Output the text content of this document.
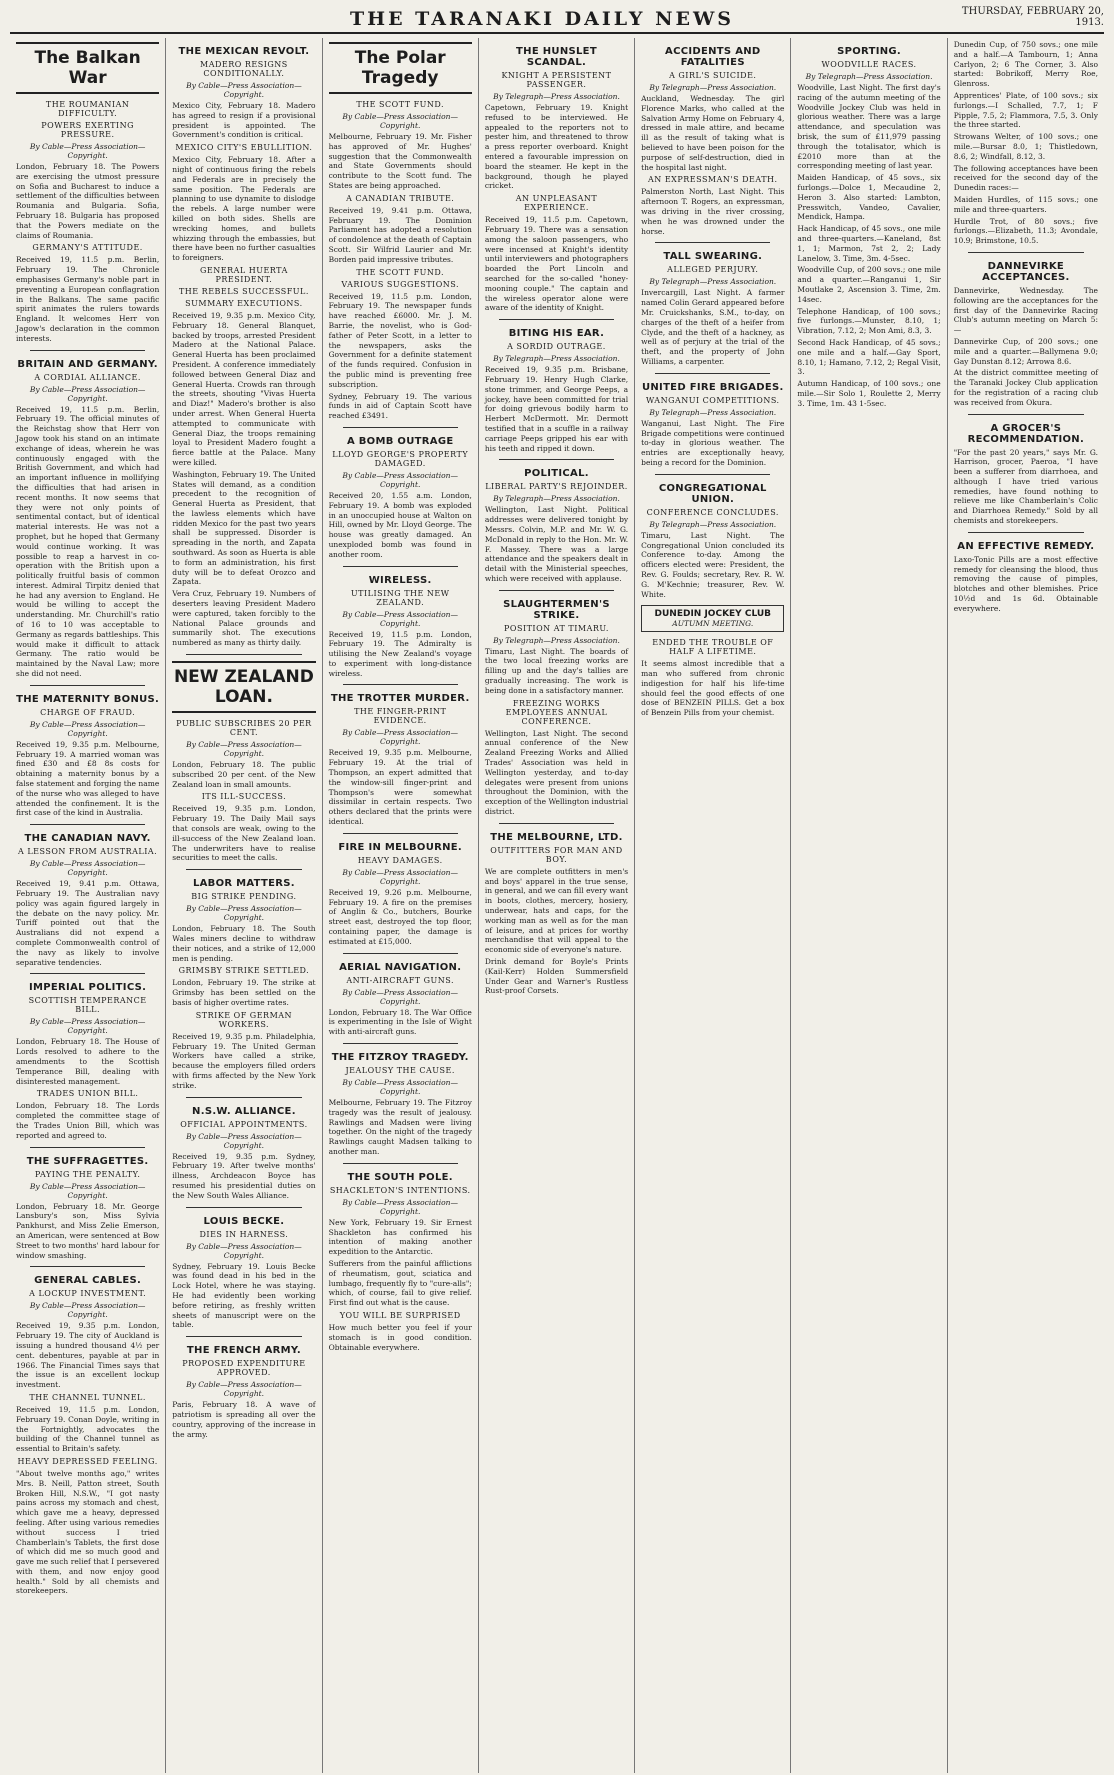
THE TARANAKI DAILY NEWS	THURSDAY, FEBRUARY 20, 1913.
The Balkan War
THE ROUMANIAN DIFFICULTY.
POWERS EXERTING PRESSURE.
By Cable—Press Association—Copyright.
London, February 18. The Powers are exercising the utmost pressure on Sofia and Bucharest to induce a settlement of the difficulties between Roumania and Bulgaria. Sofia, February 18. Bulgaria has proposed that the Powers mediate on the claims of Roumania.
GERMANY'S ATTITUDE.
Received 19, 11.5 p.m. Berlin, February 19. The Chronicle emphasises Germany's noble part in preventing a European conflagration in the Balkans. The same pacific spirit animates the rulers towards England. It welcomes Herr von Jagow's declaration in the common interests.
BRITAIN AND GERMANY.
A CORDIAL ALLIANCE.
By Cable—Press Association—Copyright.
Received 19, 11.5 p.m. Berlin, February 19. The official minutes of the Reichstag show that Herr von Jagow took his stand on an intimate exchange of ideas, wherein he was continuously engaged with the British Government, and which had an important influence in mollifying the difficulties that had arisen in recent months. It now seems that they were not only points of sentimental contact, but of identical material interests. He was not a prophet, but he hoped that Germany would continue working. It was possible to reap a harvest in co-operation with the British upon a politically fruitful basis of common interest. Admiral Tirpitz denied that he had any aversion to England. He would be willing to accept the understanding. Mr. Churchill's ratio of 16 to 10 was acceptable to Germany as regards battleships. This would make it difficult to attack Germany. The ratio would be maintained by the Naval Law; more she did not need.
THE MATERNITY BONUS.
CHARGE OF FRAUD.
By Cable—Press Association—Copyright.
Received 19, 9.35 p.m. Melbourne, February 19. A married woman was fined £30 and £8 8s costs for obtaining a maternity bonus by a false statement and forging the name of the nurse who was alleged to have attended the confinement. It is the first case of the kind in Australia.
THE CANADIAN NAVY.
A LESSON FROM AUSTRALIA.
By Cable—Press Association—Copyright.
Received 19, 9.41 p.m. Ottawa, February 19. The Australian navy policy was again figured largely in the debate on the navy policy. Mr. Turiff pointed out that the Australians did not expend a complete Commonwealth control of the navy as likely to involve separative tendencies.
IMPERIAL POLITICS.
SCOTTISH TEMPERANCE BILL.
By Cable—Press Association—Copyright.
London, February 18. The House of Lords resolved to adhere to the amendments to the Scottish Temperance Bill, dealing with disinterested management.
TRADES UNION BILL.
London, February 18. The Lords completed the committee stage of the Trades Union Bill, which was reported and agreed to.
THE SUFFRAGETTES.
PAYING THE PENALTY.
By Cable—Press Association—Copyright.
London, February 18. Mr. George Lansbury's son, Miss Sylvia Pankhurst, and Miss Zelie Emerson, an American, were sentenced at Bow Street to two months' hard labour for window smashing.
GENERAL CABLES.
A LOCKUP INVESTMENT.
By Cable—Press Association—Copyright.
Received 19, 9.35 p.m. London, February 19. The city of Auckland is issuing a hundred thousand 4½ per cent. debentures, payable at par in 1966. The Financial Times says that the issue is an excellent lockup investment.
THE CHANNEL TUNNEL.
Received 19, 11.5 p.m. London, February 19. Conan Doyle, writing in the Fortnightly, advocates the building of the Channel tunnel as essential to Britain's safety.
HEAVY DEPRESSED FEELING.
"About twelve months ago," writes Mrs. B. Neill, Patton street, South Broken Hill, N.S.W., "I got nasty pains across my stomach and chest, which gave me a heavy, depressed feeling. After using various remedies without success I tried Chamberlain's Tablets, the first dose of which did me so much good and gave me such relief that I persevered with them, and now enjoy good health." Sold by all chemists and storekeepers.
THE MEXICAN REVOLT.
MADERO RESIGNS CONDITIONALLY.
By Cable—Press Association—Copyright.
Mexico City, February 18. Madero has agreed to resign if a provisional president is appointed. The Government's condition is critical.
MEXICO CITY'S EBULLITION.
Mexico City, February 18. After a night of continuous firing the rebels and Federals are in precisely the same position. The Federals are planning to use dynamite to dislodge the rebels. A large number were killed on both sides. Shells are wrecking homes, and bullets whizzing through the embassies, but there have been no further casualties to foreigners.
GENERAL HUERTA PRESIDENT.
THE REBELS SUCCESSFUL.
SUMMARY EXECUTIONS.
Received 19, 9.35 p.m. Mexico City, February 18. General Blanquet, backed by troops, arrested President Madero at the National Palace. General Huerta has been proclaimed President. A conference immediately followed between General Diaz and General Huerta. Crowds ran through the streets, shouting "Vivas Huerta and Diaz!" Madero's brother is also under arrest. When General Huerta attempted to communicate with General Diaz, the troops remaining loyal to President Madero fought a fierce battle at the Palace. Many were killed.
Washington, February 19. The United States will demand, as a condition precedent to the recognition of General Huerta as President, that the lawless elements which have ridden Mexico for the past two years shall be suppressed. Disorder is spreading in the north, and Zapata southward. As soon as Huerta is able to form an administration, his first duty will be to defeat Orozco and Zapata.
Vera Cruz, February 19. Numbers of deserters leaving President Madero were captured, taken forcibly to the National Palace grounds and summarily shot. The executions numbered as many as thirty daily.
NEW ZEALAND LOAN.
PUBLIC SUBSCRIBES 20 PER CENT.
By Cable—Press Association—Copyright.
London, February 18. The public subscribed 20 per cent. of the New Zealand loan in small amounts.
ITS ILL-SUCCESS.
Received 19, 9.35 p.m. London, February 19. The Daily Mail says that consols are weak, owing to the ill-success of the New Zealand loan. The underwriters have to realise securities to meet the calls.
LABOR MATTERS.
BIG STRIKE PENDING.
By Cable—Press Association—Copyright.
London, February 18. The South Wales miners decline to withdraw their notices, and a strike of 12,000 men is pending.
GRIMSBY STRIKE SETTLED.
London, February 19. The strike at Grimsby has been settled on the basis of higher overtime rates.
STRIKE OF GERMAN WORKERS.
Received 19, 9.35 p.m. Philadelphia, February 19. The United German Workers have called a strike, because the employers filled orders with firms affected by the New York strike.
N.S.W. ALLIANCE.
OFFICIAL APPOINTMENTS.
By Cable—Press Association—Copyright.
Received 19, 9.35 p.m. Sydney, February 19. After twelve months' illness, Archdeacon Boyce has resumed his presidential duties on the New South Wales Alliance.
LOUIS BECKE.
DIES IN HARNESS.
By Cable—Press Association—Copyright.
Sydney, February 19. Louis Becke was found dead in his bed in the Lock Hotel, where he was staying. He had evidently been working before retiring, as freshly written sheets of manuscript were on the table.
THE FRENCH ARMY.
PROPOSED EXPENDITURE APPROVED.
By Cable—Press Association—Copyright.
Paris, February 18. A wave of patriotism is spreading all over the country, approving of the increase in the army.
The Polar Tragedy
THE SCOTT FUND.
By Cable—Press Association—Copyright.
Melbourne, February 19. Mr. Fisher has approved of Mr. Hughes' suggestion that the Commonwealth and State Governments should contribute to the Scott fund. The States are being approached.
A CANADIAN TRIBUTE.
Received 19, 9.41 p.m. Ottawa, February 19. The Dominion Parliament has adopted a resolution of condolence at the death of Captain Scott. Sir Wilfrid Laurier and Mr. Borden paid impressive tributes.
THE SCOTT FUND.
VARIOUS SUGGESTIONS.
Received 19, 11.5 p.m. London, February 19. The newspaper funds have reached £6000. Mr. J. M. Barrie, the novelist, who is God-father of Peter Scott, in a letter to the newspapers, asks the Government for a definite statement of the funds required. Confusion in the public mind is preventing free subscription.
Sydney, February 19. The various funds in aid of Captain Scott have reached £3491.
A BOMB OUTRAGE
LLOYD GEORGE'S PROPERTY DAMAGED.
By Cable—Press Association—Copyright.
Received 20, 1.55 a.m. London, February 19. A bomb was exploded in an unoccupied house at Walton on Hill, owned by Mr. Lloyd George. The house was greatly damaged. An unexploded bomb was found in another room.
WIRELESS.
UTILISING THE NEW ZEALAND.
By Cable—Press Association—Copyright.
Received 19, 11.5 p.m. London, February 19. The Admiralty is utilising the New Zealand's voyage to experiment with long-distance wireless.
THE TROTTER MURDER.
THE FINGER-PRINT EVIDENCE.
By Cable—Press Association—Copyright.
Received 19, 9.35 p.m. Melbourne, February 19. At the trial of Thompson, an expert admitted that the window-sill finger-print and Thompson's were somewhat dissimilar in certain respects. Two others declared that the prints were identical.
FIRE IN MELBOURNE.
HEAVY DAMAGES.
By Cable—Press Association—Copyright.
Received 19, 9.26 p.m. Melbourne, February 19. A fire on the premises of Anglin & Co., butchers, Bourke street east, destroyed the top floor, containing paper, the damage is estimated at £15,000.
AERIAL NAVIGATION.
ANTI-AIRCRAFT GUNS.
By Cable—Press Association—Copyright.
London, February 18. The War Office is experimenting in the Isle of Wight with anti-aircraft guns.
THE FITZROY TRAGEDY.
JEALOUSY THE CAUSE.
By Cable—Press Association—Copyright.
Melbourne, February 19. The Fitzroy tragedy was the result of jealousy. Rawlings and Madsen were living together. On the night of the tragedy Rawlings caught Madsen talking to another man.
THE SOUTH POLE.
SHACKLETON'S INTENTIONS.
By Cable—Press Association—Copyright.
New York, February 19. Sir Ernest Shackleton has confirmed his intention of making another expedition to the Antarctic.
Sufferers from the painful afflictions of rheumatism, gout, sciatica and lumbago, frequently fly to "cure-alls"; which, of course, fail to give relief. First find out what is the cause.
YOU WILL BE SURPRISED
How much better you feel if your stomach is in good condition. Obtainable everywhere.
THE HUNSLET SCANDAL.
KNIGHT A PERSISTENT PASSENGER.
By Telegraph—Press Association.
Capetown, February 19. Knight refused to be interviewed. He appealed to the reporters not to pester him, and threatened to throw a press reporter overboard. Knight entered a favourable impression on board the steamer. He kept in the background, though he played cricket.
AN UNPLEASANT EXPERIENCE.
Received 19, 11.5 p.m. Capetown, February 19. There was a sensation among the saloon passengers, who were incensed at Knight's identity until interviewers and photographers boarded the Port Lincoln and searched for the so-called "honey-mooning couple." The captain and the wireless operator alone were aware of the identity of Knight.
BITING HIS EAR.
A SORDID OUTRAGE.
By Telegraph—Press Association.
Received 19, 9.35 p.m. Brisbane, February 19. Henry Hugh Clarke, stone trimmer, and George Peeps, a jockey, have been committed for trial for doing grievous bodily harm to Herbert McDermott. Mr. Dermott testified that in a scuffle in a railway carriage Peeps gripped his ear with his teeth and ripped it down.
POLITICAL.
LIBERAL PARTY'S REJOINDER.
By Telegraph—Press Association.
Wellington, Last Night. Political addresses were delivered tonight by Messrs. Colvin, M.P. and Mr. W. G. McDonald in reply to the Hon. Mr. W. F. Massey. There was a large attendance and the speakers dealt in detail with the Ministerial speeches, which were received with applause.
SLAUGHTERMEN'S STRIKE.
POSITION AT TIMARU.
By Telegraph—Press Association.
Timaru, Last Night. The boards of the two local freezing works are filling up and the day's tallies are gradually increasing. The work is being done in a satisfactory manner.
FREEZING WORKS EMPLOYEES ANNUAL CONFERENCE.
Wellington, Last Night. The second annual conference of the New Zealand Freezing Works and Allied Trades' Association was held in Wellington yesterday, and to-day delegates were present from unions throughout the Dominion, with the exception of the Wellington industrial district.
THE MELBOURNE, LTD.
OUTFITTERS FOR MAN AND BOY.
We are complete outfitters in men's and boys' apparel in the true sense, in general, and we can fill every want in boots, clothes, mercery, hosiery, underwear, hats and caps, for the working man as well as for the man of leisure, and at prices for worthy merchandise that will appeal to the economic side of everyone's nature.
Drink demand for Boyle's Prints (Kail-Kerr) Holden Summersfield Under Gear and Warner's Rustless Rust-proof Corsets.
ACCIDENTS AND FATALITIES
A GIRL'S SUICIDE.
By Telegraph—Press Association.
Auckland, Wednesday. The girl Florence Marks, who called at the Salvation Army Home on February 4, dressed in male attire, and became ill as the result of taking what is believed to have been poison for the purpose of self-destruction, died in the hospital last night.
AN EXPRESSMAN'S DEATH.
Palmerston North, Last Night. This afternoon T. Rogers, an expressman, was driving in the river crossing, when he was drowned under the horse.
TALL SWEARING.
ALLEGED PERJURY.
By Telegraph—Press Association.
Invercargill, Last Night. A farmer named Colin Gerard appeared before Mr. Cruickshanks, S.M., to-day, on charges of the theft of a heifer from Clyde, and the theft of a hackney, as well as of perjury at the trial of the theft, and the property of John Williams, a carpenter.
UNITED FIRE BRIGADES.
WANGANUI COMPETITIONS.
By Telegraph—Press Association.
Wanganui, Last Night. The Fire Brigade competitions were continued to-day in glorious weather. The entries are exceptionally heavy, being a record for the Dominion.
CONGREGATIONAL UNION.
CONFERENCE CONCLUDES.
By Telegraph—Press Association.
Timaru, Last Night. The Congregational Union concluded its Conference to-day. Among the officers elected were: President, the Rev. G. Foulds; secretary, Rev. R. W. G. M'Kechnie; treasurer, Rev. W. White.
DUNEDIN JOCKEY CLUB
AUTUMN MEETING.
ENDED THE TROUBLE OF HALF A LIFETIME.
It seems almost incredible that a man who suffered from chronic indigestion for half his life-time should feel the good effects of one dose of BENZEIN PILLS. Get a box of Benzein Pills from your chemist.
SPORTING.
WOODVILLE RACES.
By Telegraph—Press Association.
Woodville, Last Night. The first day's racing of the autumn meeting of the Woodville Jockey Club was held in glorious weather. There was a large attendance, and speculation was brisk, the sum of £11,979 passing through the totalisator, which is £2010 more than at the corresponding meeting of last year.
Maiden Handicap, of 45 sovs., six furlongs.—Dolce 1, Mecaudine 2, Heron 3. Also started: Lambton, Presswitch, Vandeo, Cavalier, Mendick, Hampa.
Hack Handicap, of 45 sovs., one mile and three-quarters.—Kaneland, 8st 1, 1; Marmon, 7st 2, 2; Lady Lanelow, 3. Time, 3m. 4-5sec.
Woodville Cup, of 200 sovs.; one mile and a quarter.—Ranganui 1, Sir Moutlake 2, Ascension 3. Time, 2m. 14sec.
Telephone Handicap, of 100 sovs.; five furlongs.—Munster, 8.10, 1; Vibration, 7.12, 2; Mon Ami, 8.3, 3.
Second Hack Handicap, of 45 sovs.; one mile and a half.—Gay Sport, 8.10, 1; Hamano, 7.12, 2; Regal Visit, 3.
Autumn Handicap, of 100 sovs.; one mile.—Sir Solo 1, Roulette 2, Merry 3. Time, 1m. 43 1-5sec.
Dunedin Cup, of 750 sovs.; one mile and a half.—A Tambourn, 1; Anna Carlyon, 2; 6 The Corner, 3. Also started: Bobrikoff, Merry Roe, Glenross.
Apprentices' Plate, of 100 sovs.; six furlongs.—I Schalled, 7.7, 1; F Pipple, 7.5, 2; Flammora, 7.5, 3. Only the three started.
Strowans Welter, of 100 sovs.; one mile.—Bursar 8.0, 1; Thistledown, 8.6, 2; Windfall, 8.12, 3.
The following acceptances have been received for the second day of the Dunedin races:—
Maiden Hurdles, of 115 sovs.; one mile and three-quarters.
Hurdle Trot, of 80 sovs.; five furlongs.—Elizabeth, 11.3; Avondale, 10.9; Brimstone, 10.5.
DANNEVIRKE ACCEPTANCES.
Dannevirke, Wednesday. The following are the acceptances for the first day of the Dannevirke Racing Club's autumn meeting on March 5:—
Dannevirke Cup, of 200 sovs.; one mile and a quarter.—Ballymena 9.0; Gay Dunstan 8.12; Arrowa 8.6.
At the district committee meeting of the Taranaki Jockey Club application for the registration of a racing club was received from Okura.
A GROCER'S RECOMMENDATION.
"For the past 20 years," says Mr. G. Harrison, grocer, Paeroa, "I have been a sufferer from diarrhoea, and although I have tried various remedies, have found nothing to relieve me like Chamberlain's Colic and Diarrhoea Remedy." Sold by all chemists and storekeepers.
AN EFFECTIVE REMEDY.
Laxo-Tonic Pills are a most effective remedy for cleansing the blood, thus removing the cause of pimples, blotches and other blemishes. Price 10½d and 1s 6d. Obtainable everywhere.
